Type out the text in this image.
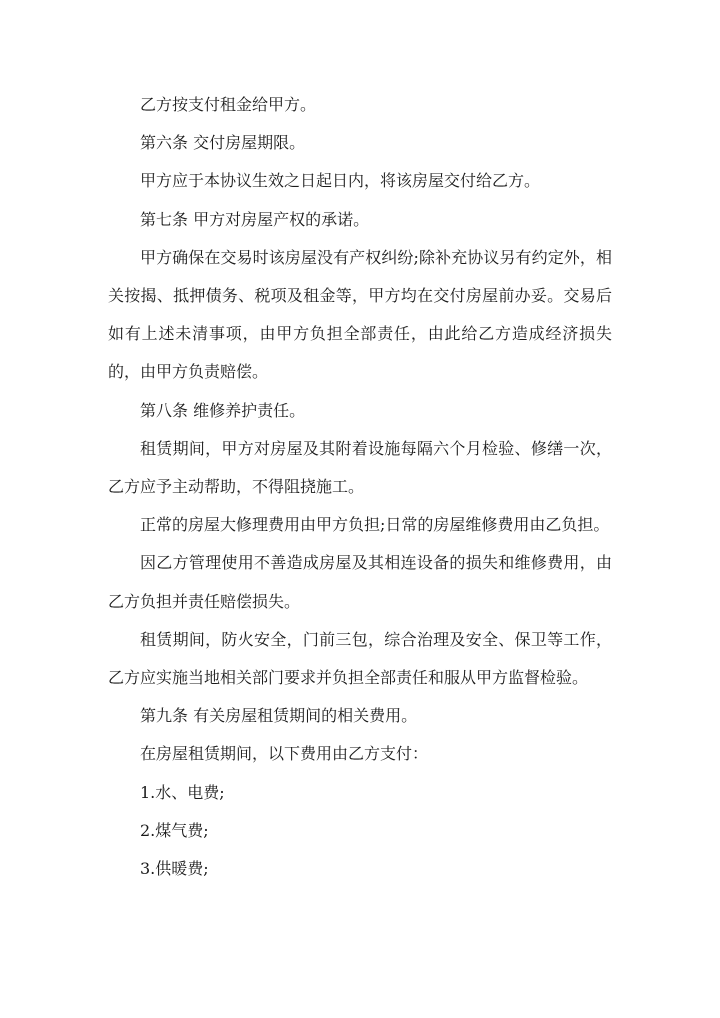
乙方按支付租金给甲方。

第六条 交付房屋期限。

甲方应于本协议生效之日起日内，将该房屋交付给乙方。

第七条 甲方对房屋产权的承诺。

甲方确保在交易时该房屋没有产权纠纷;除补充协议另有约定外，相关按揭、抵押债务、税项及租金等，甲方均在交付房屋前办妥。交易后如有上述未清事项，由甲方负担全部责任，由此给乙方造成经济损失的，由甲方负责赔偿。

第八条 维修养护责任。

租赁期间，甲方对房屋及其附着设施每隔六个月检验、修缮一次，乙方应予主动帮助，不得阻挠施工。

正常的房屋大修理费用由甲方负担;日常的房屋维修费用由乙负担。

因乙方管理使用不善造成房屋及其相连设备的损失和维修费用，由乙方负担并责任赔偿损失。

租赁期间，防火安全，门前三包，综合治理及安全、保卫等工作，乙方应实施当地相关部门要求并负担全部责任和服从甲方监督检验。

第九条 有关房屋租赁期间的相关费用。

在房屋租赁期间，以下费用由乙方支付：

1.水、电费;

2.煤气费;

3.供暖费;
